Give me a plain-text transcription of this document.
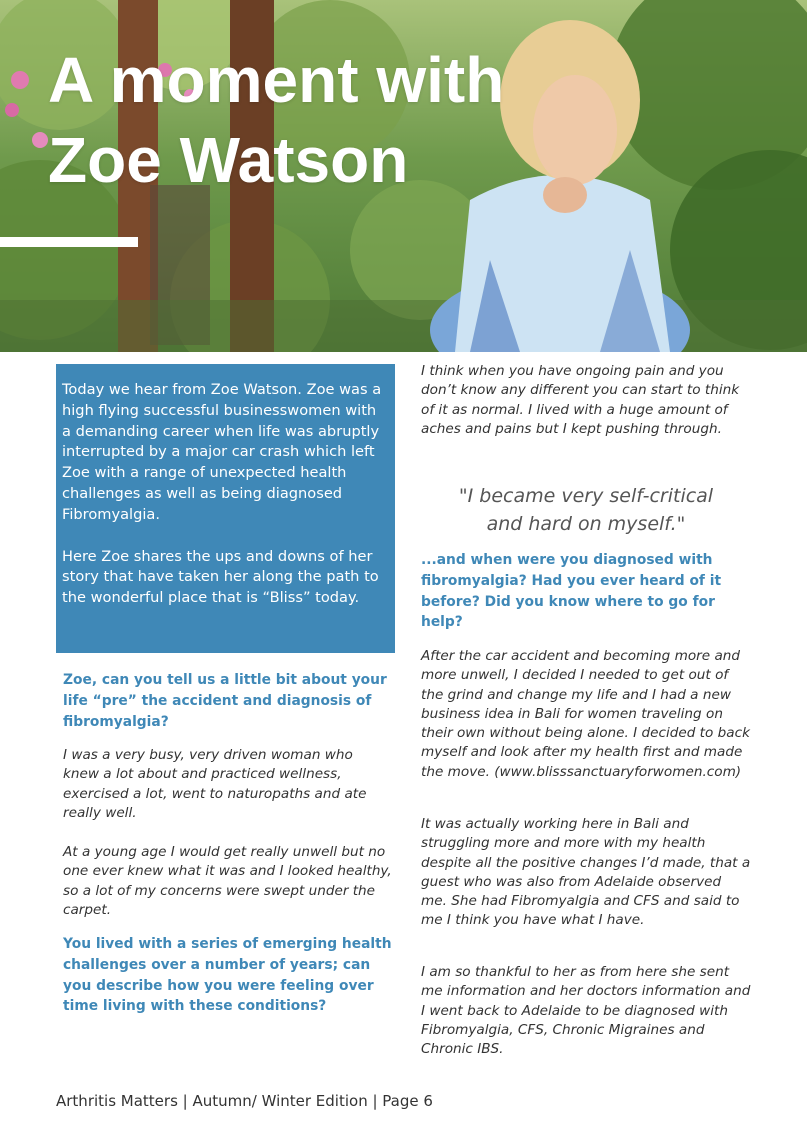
A moment with
Zoe Watson

Today we hear from Zoe Watson. Zoe was a high flying successful businesswomen with a demanding career when life was abruptly interrupted by a major car crash which left Zoe with a range of unexpected health challenges as well as being diagnosed Fibromyalgia.

Here Zoe shares the ups and downs of her story that have taken her along the path to the wonderful place that is “Bliss” today.

Zoe, can you tell us a little bit about your life “pre” the accident and diagnosis of fibromyalgia?

I was a very busy, very driven woman who knew a lot about and practiced wellness, exercised a lot, went to naturopaths and ate really well.

At a young age I would get really unwell but no one ever knew what it was and I looked healthy, so a lot of my concerns were swept under the carpet.

You lived with a series of emerging health challenges over a number of years; can you describe how you were feeling over time living with these conditions?

I think when you have ongoing pain and you don’t know any different you can start to think of it as normal. I lived with a huge amount of aches and pains but I kept pushing through.

"I became very self-critical
and hard on myself."

...and when were you diagnosed with fibromyalgia? Had you ever heard of it before? Did you know where to go for help?

After the car accident and becoming more and more unwell, I decided I needed to get out of the grind and change my life and I had a new business idea in Bali for women traveling on their own without being alone. I decided to back myself and look after my health first and made the move. (www.blisssanctuaryforwomen.com)

It was actually working here in Bali and struggling more and more with my health despite all the positive changes I’d made, that a guest who was also from Adelaide observed me. She had Fibromyalgia and CFS and said to me I think you have what I have.

I am so thankful to her as from here she sent me information and her doctors information and I went back to Adelaide to be diagnosed with Fibromyalgia, CFS, Chronic Migraines and Chronic IBS.

Arthritis Matters | Autumn/ Winter Edition | Page 6
